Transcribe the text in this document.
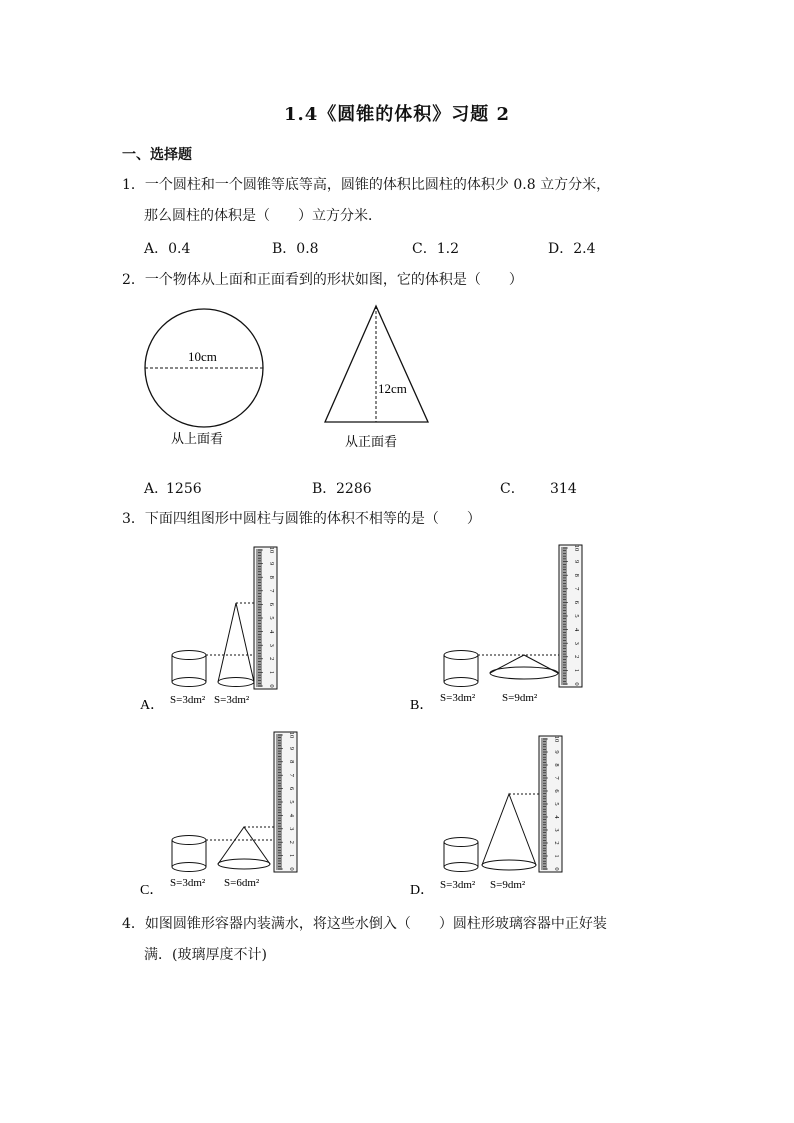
1.4《圆锥的体积》习题 2
一、选择题
1．一个圆柱和一个圆锥等底等高，圆锥的体积比圆柱的体积少 0.8 立方分米，
那么圆柱的体积是（　　）立方分米．
A．0.4	B．0.8	C．1.2	D．2.4
2．一个物体从上面和正面看到的形状如图，它的体积是（　　）
10cm
从上面看
12cm
从正面看
A．
1256	B． 2286	C． 314
3．下面四组图形中圆柱与圆锥的体积不相等的是（　　）
0
1
2
3
4
5
6
7
8
9
10
S=3dm² S=3dm²
A．
0
1
2
3
4
5
6
7
8
9
10
S=3dm² S=9dm²
B．
0
1
2
3
4
5
6
7
8
9
10
S=3dm² S=6dm²
C．
0
1
2
3
4
5
6
7
8
9
10
S=3dm² S=9dm²
D．
4．如图圆锥形容器内装满水，将这些水倒入（　　）圆柱形玻璃容器中正好装
满．(玻璃厚度不计)
